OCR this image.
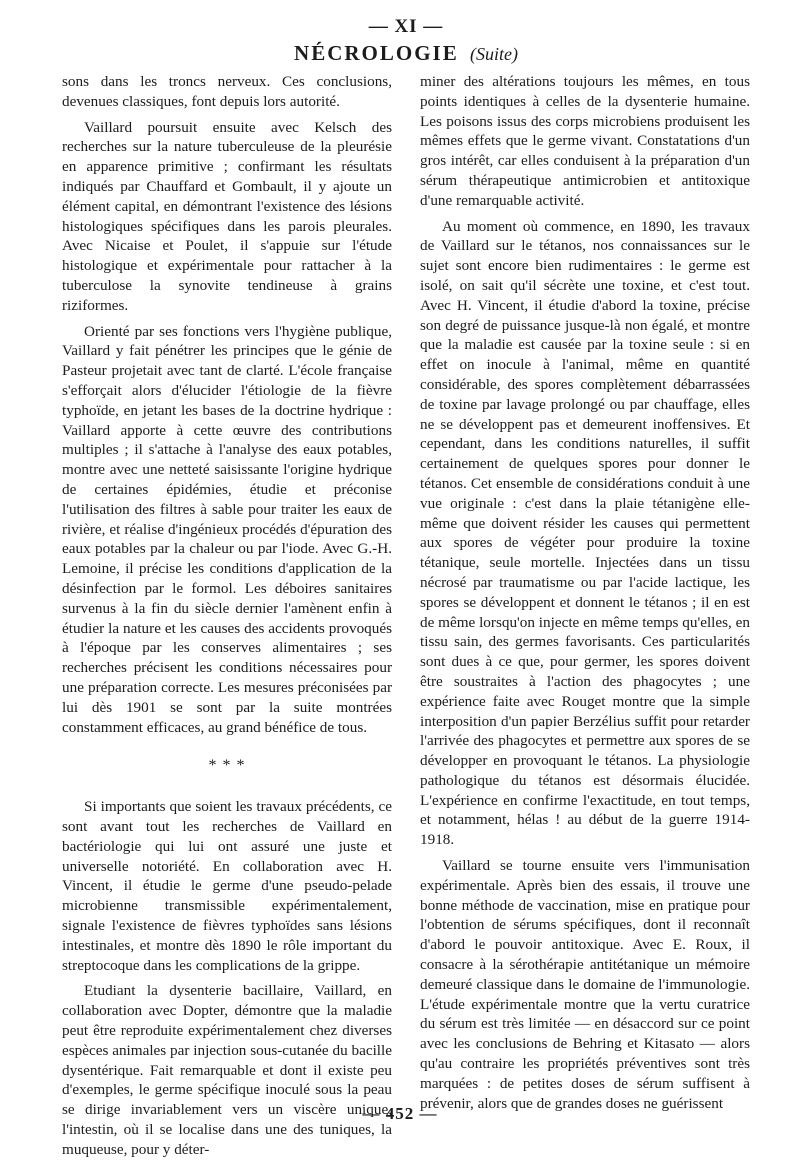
— XI —
NÉCROLOGIE (Suite)

sons dans les troncs nerveux. Ces conclusions, devenues classiques, font depuis lors autorité.

Vaillard poursuit ensuite avec Kelsch des recherches sur la nature tuberculeuse de la pleurésie en apparence primitive ; confirmant les résultats indiqués par Chauffard et Gombault, il y ajoute un élément capital, en démontrant l'existence des lésions histologiques spécifiques dans les parois pleurales. Avec Nicaise et Poulet, il s'appuie sur l'étude histologique et expérimentale pour rattacher à la tuberculose la synovite tendineuse à grains riziformes.

Orienté par ses fonctions vers l'hygiène publique, Vaillard y fait pénétrer les principes que le génie de Pasteur projetait avec tant de clarté. L'école française s'efforçait alors d'élucider l'étiologie de la fièvre typhoïde, en jetant les bases de la doctrine hydrique : Vaillard apporte à cette œuvre des contributions multiples ; il s'attache à l'analyse des eaux potables, montre avec une netteté saisissante l'origine hydrique de certaines épidémies, étudie et préconise l'utilisation des filtres à sable pour traiter les eaux de rivière, et réalise d'ingénieux procédés d'épuration des eaux potables par la chaleur ou par l'iode. Avec G.-H. Lemoine, il précise les conditions d'application de la désinfection par le formol. Les déboires sanitaires survenus à la fin du siècle dernier l'amènent enfin à étudier la nature et les causes des accidents provoqués à l'époque par les conserves alimentaires ; ses recherches précisent les conditions nécessaires pour une préparation correcte. Les mesures préconisées par lui dès 1901 se sont par la suite montrées constamment efficaces, au grand bénéfice de tous.

* * *

Si importants que soient les travaux précédents, ce sont avant tout les recherches de Vaillard en bactériologie qui lui ont assuré une juste et universelle notoriété. En collaboration avec H. Vincent, il étudie le germe d'une pseudo-pelade microbienne transmissible expérimentalement, signale l'existence de fièvres typhoïdes sans lésions intestinales, et montre dès 1890 le rôle important du streptocoque dans les complications de la grippe.

Etudiant la dysenterie bacillaire, Vaillard, en collaboration avec Dopter, démontre que la maladie peut être reproduite expérimentalement chez diverses espèces animales par injection sous-cutanée du bacille dysentérique. Fait remarquable et dont il existe peu d'exemples, le germe spécifique inoculé sous la peau se dirige invariablement vers un viscère unique, l'intestin, où il se localise dans une des tuniques, la muqueuse, pour y déter-

miner des altérations toujours les mêmes, en tous points identiques à celles de la dysenterie humaine. Les poisons issus des corps microbiens produisent les mêmes effets que le germe vivant. Constatations d'un gros intérêt, car elles conduisent à la préparation d'un sérum thérapeutique antimicrobien et antitoxique d'une remarquable activité.

Au moment où commence, en 1890, les travaux de Vaillard sur le tétanos, nos connaissances sur le sujet sont encore bien rudimentaires : le germe est isolé, on sait qu'il sécrète une toxine, et c'est tout. Avec H. Vincent, il étudie d'abord la toxine, précise son degré de puissance jusque-là non égalé, et montre que la maladie est causée par la toxine seule : si en effet on inocule à l'animal, même en quantité considérable, des spores complètement débarrassées de toxine par lavage prolongé ou par chauffage, elles ne se développent pas et demeurent inoffensives. Et cependant, dans les conditions naturelles, il suffit certainement de quelques spores pour donner le tétanos. Cet ensemble de considérations conduit à une vue originale : c'est dans la plaie tétanigène elle-même que doivent résider les causes qui permettent aux spores de végéter pour produire la toxine tétanique, seule mortelle. Injectées dans un tissu nécrosé par traumatisme ou par l'acide lactique, les spores se développent et donnent le tétanos ; il en est de même lorsqu'on injecte en même temps qu'elles, en tissu sain, des germes favorisants. Ces particularités sont dues à ce que, pour germer, les spores doivent être soustraites à l'action des phagocytes ; une expérience faite avec Rouget montre que la simple interposition d'un papier Berzélius suffit pour retarder l'arrivée des phagocytes et permettre aux spores de se développer en provoquant le tétanos. La physiologie pathologique du tétanos est désormais élucidée. L'expérience en confirme l'exactitude, en tout temps, et notamment, hélas ! au début de la guerre 1914-1918.

Vaillard se tourne ensuite vers l'immunisation expérimentale. Après bien des essais, il trouve une bonne méthode de vaccination, mise en pratique pour l'obtention de sérums spécifiques, dont il reconnaît d'abord le pouvoir antitoxique. Avec E. Roux, il consacre à la sérothérapie antitétanique un mémoire demeuré classique dans le domaine de l'immunologie. L'étude expérimentale montre que la vertu curatrice du sérum est très limitée — en désaccord sur ce point avec les conclusions de Behring et Kitasato — alors qu'au contraire les propriétés préventives sont très marquées : de petites doses de sérum suffisent à prévenir, alors que de grandes doses ne guérissent

— 452 —
